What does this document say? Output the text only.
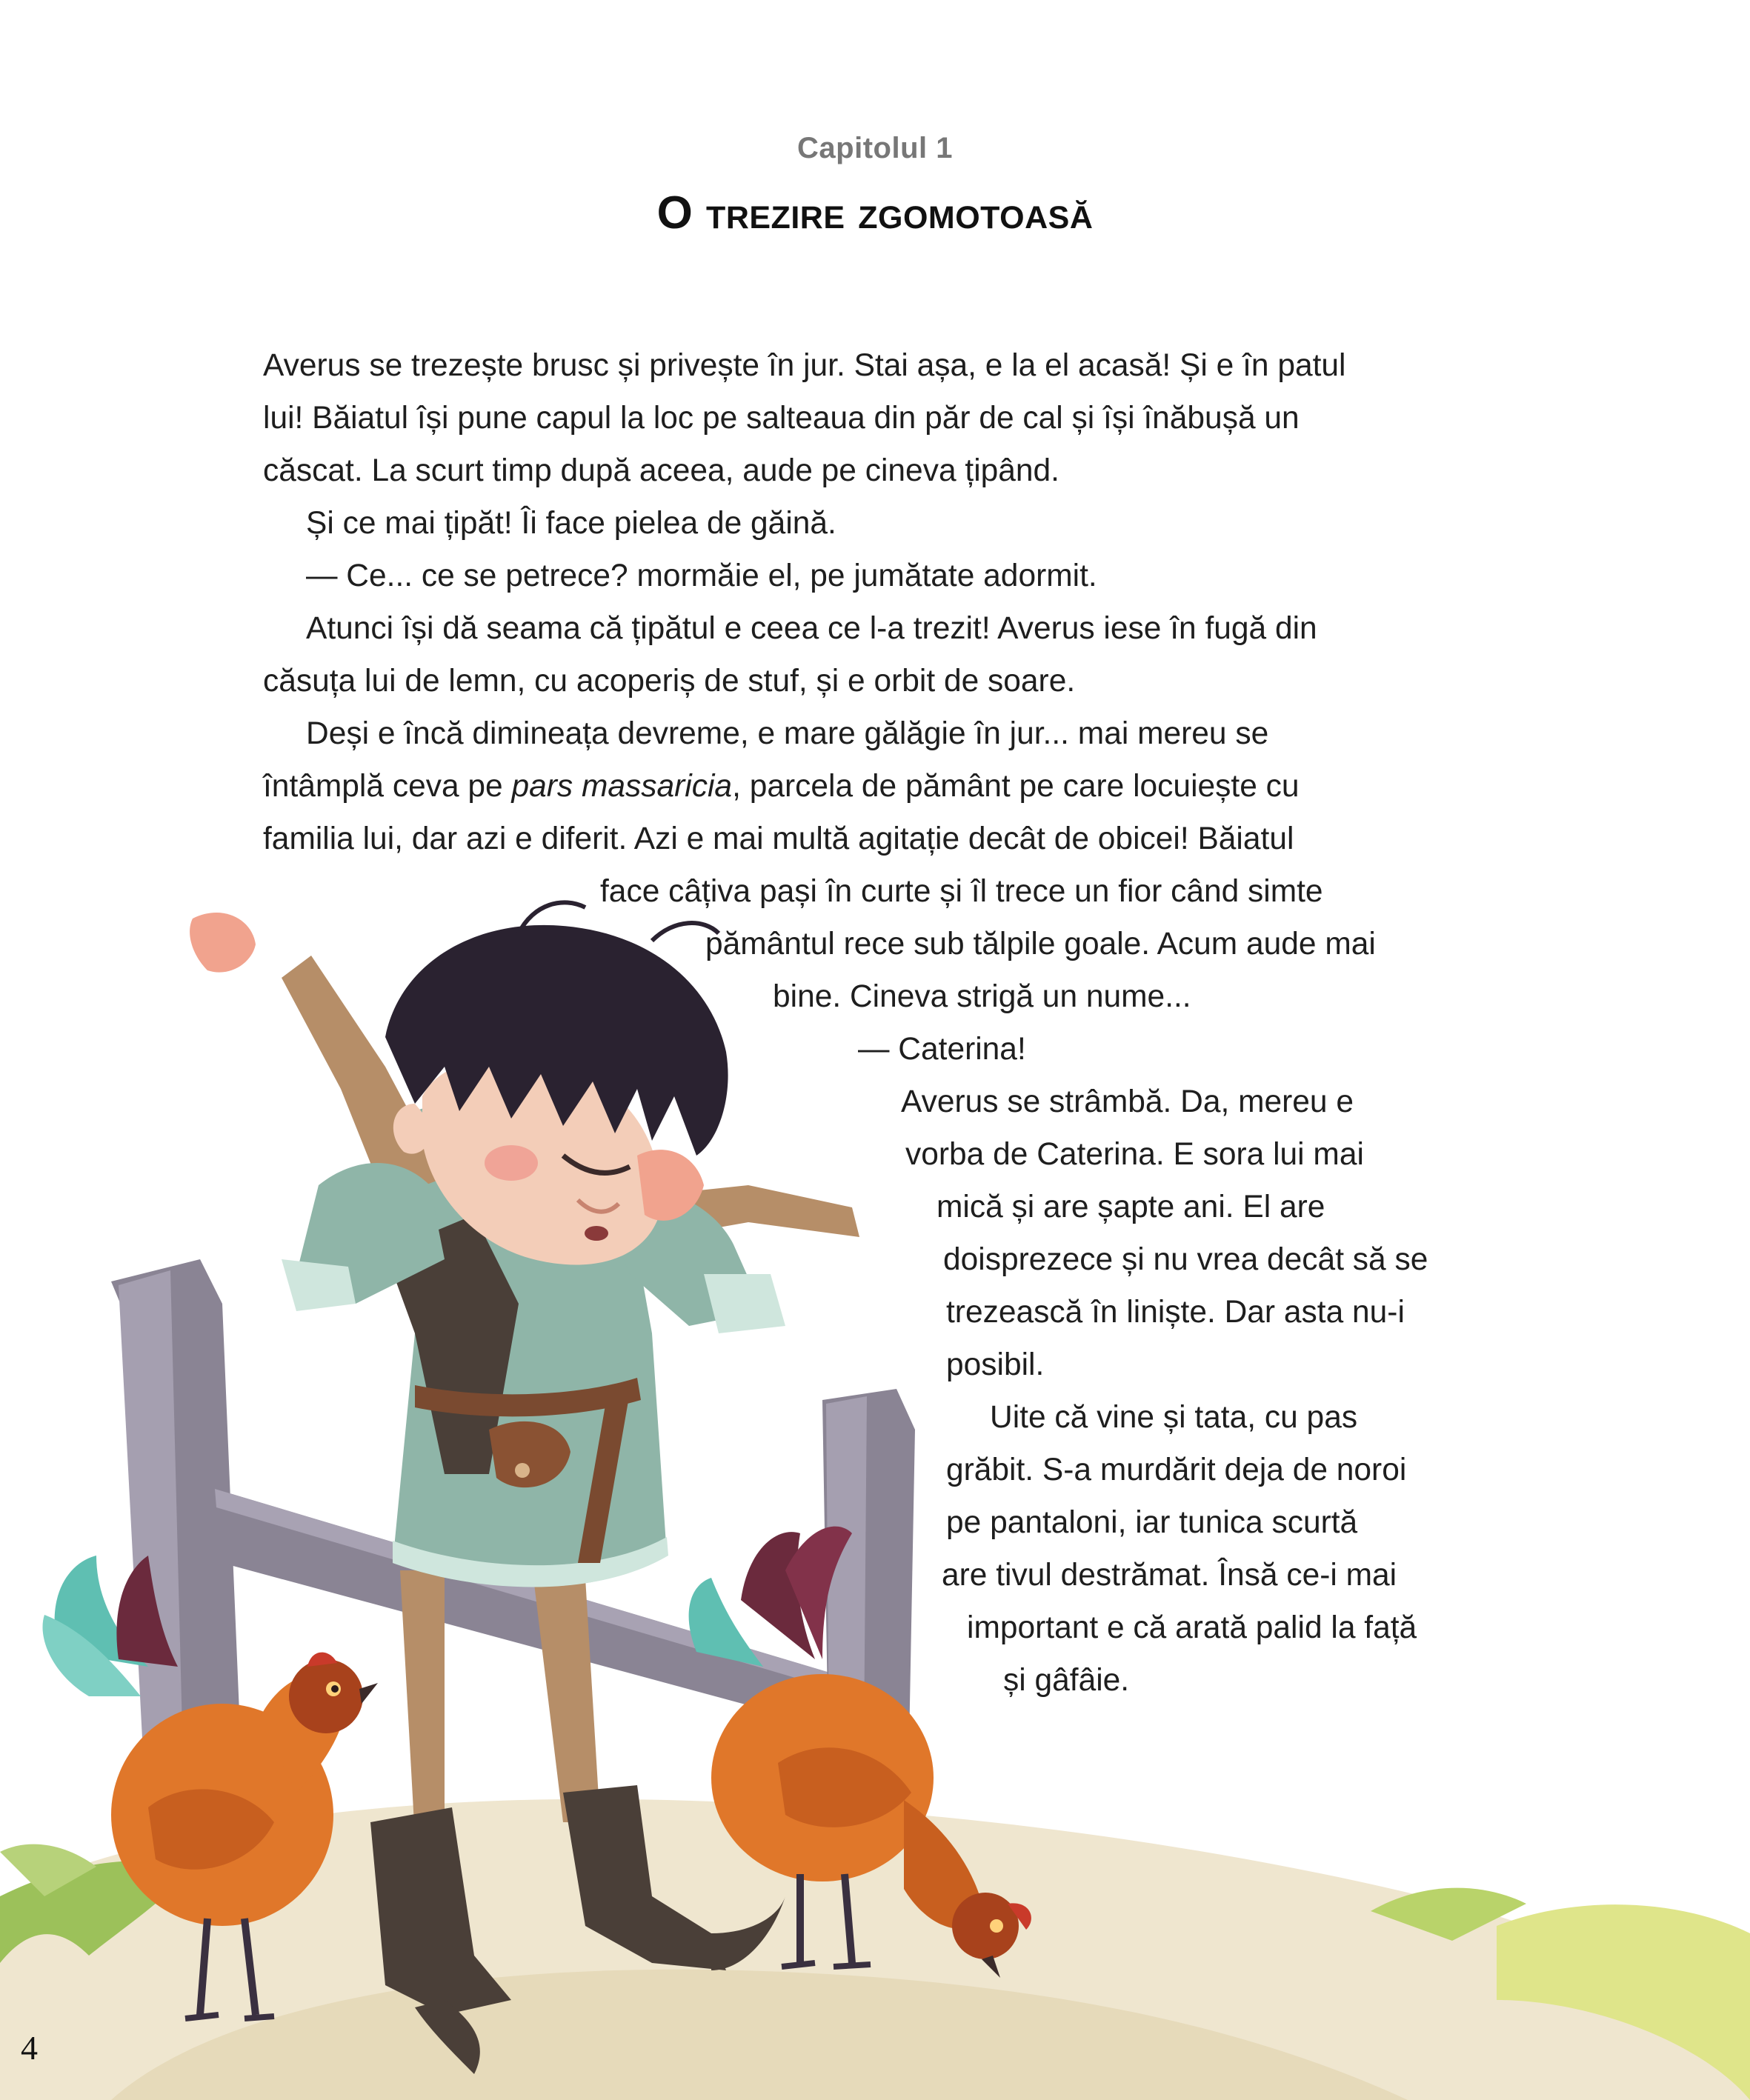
Capitolul 1
O trezire zgomotoasă
Averus se trezește brusc și privește în jur. Stai așa, e la el acasă! Și e în patul
lui! Băiatul își pune capul la loc pe salteaua din păr de cal și își înăbușă un
căscat. La scurt timp după aceea, aude pe cineva țipând.
Și ce mai țipăt! Îi face pielea de găină.
— Ce... ce se petrece? mormăie el, pe jumătate adormit.
Atunci își dă seama că țipătul e ceea ce l-a trezit! Averus iese în fugă din
căsuța lui de lemn, cu acoperiș de stuf, și e orbit de soare.
Deși e încă dimineața devreme, e mare gălăgie în jur... mai mereu se
întâmplă ceva pe pars massaricia, parcela de pământ pe care locuiește cu
familia lui, dar azi e diferit. Azi e mai multă agitație decât de obicei! Băiatul
face câțiva pași în curte și îl trece un fior când simte
pământul rece sub tălpile goale. Acum aude mai
bine. Cineva strigă un nume...
— Caterina!
Averus se strâmbă. Da, mereu e
vorba de Caterina. E sora lui mai
mică și are șapte ani. El are
doisprezece și nu vrea decât să se
trezească în liniște. Dar asta nu-i
posibil.
Uite că vine și tata, cu pas
grăbit. S-a murdărit deja de noroi
pe pantaloni, iar tunica scurtă
are tivul destrămat. Însă ce-i mai
important e că arată palid la față
și gâfâie.
4
